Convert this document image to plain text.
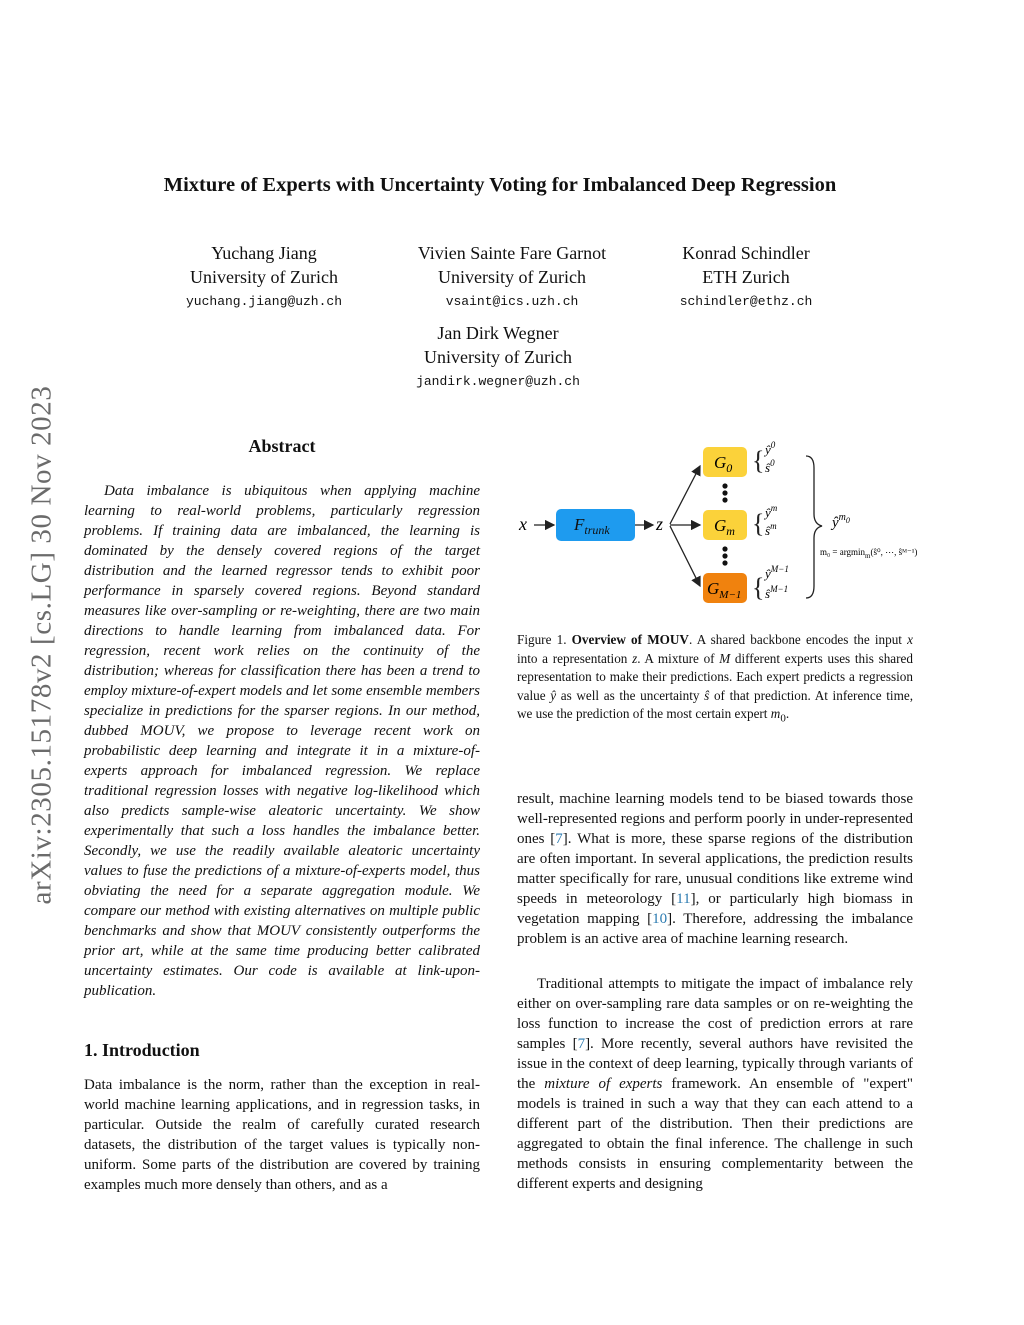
arXiv:2305.15178v2 [cs.LG] 30 Nov 2023
Mixture of Experts with Uncertainty Voting for Imbalanced Deep Regression
Yuchang Jiang
University of Zurich
yuchang.jiang@uzh.ch
Vivien Sainte Fare Garnot
University of Zurich
vsaint@ics.uzh.ch
Konrad Schindler
ETH Zurich
schindler@ethz.ch
Jan Dirk Wegner
University of Zurich
jandirk.wegner@uzh.ch
Abstract

Data imbalance is ubiquitous when applying machine learning to real-world problems, particularly regression problems. If training data are imbalanced, the learning is dominated by the densely covered regions of the target distribution and the learned regressor tends to exhibit poor performance in sparsely covered regions. Beyond standard measures like over-sampling or re-weighting, there are two main directions to handle learning from imbalanced data. For regression, recent work relies on the continuity of the distribution; whereas for classification there has been a trend to employ mixture-of-expert models and let some ensemble members specialize in predictions for the sparser regions. In our method, dubbed MOUV, we propose to leverage recent work on probabilistic deep learning and integrate it in a mixture-of-experts approach for imbalanced regression. We replace traditional regression losses with negative log-likelihood which also predicts sample-wise aleatoric uncertainty. We show experimentally that such a loss handles the imbalance better. Secondly, we use the readily available aleatoric uncertainty values to fuse the predictions of a mixture-of-experts model, thus obviating the need for a separate aggregation module. We compare our method with existing alternatives on multiple public benchmarks and show that MOUV consistently outperforms the prior art, while at the same time producing better calibrated uncertainty estimates. Our code is available at link-upon-publication.

1. Introduction

Data imbalance is the norm, rather than the exception in real-world machine learning applications, and in regression tasks, in particular. Outside the realm of carefully curated research datasets, the distribution of the target values is typically non-uniform. Some parts of the distribution are covered by training examples much more densely than others, and as a

x	$F_{trunk}$	z
$G_0$
$G_m$
$G_{M-1}$
{ $ŷ^0$
$ŝ^0$
{ $ŷ^m$
$ŝ^m$
{ $ŷ^{M-1}$
$ŝ^{M-1}$
$ŷ^m_0$
m₀ = argmin$_m$(ŝ⁰, ⋯, ŝᴹ⁻¹)

Figure 1. Overview of MOUV. A shared backbone encodes the input x into a representation z. A mixture of M different experts uses this shared representation to make their predictions. Each expert predicts a regression value ŷ as well as the uncertainty ŝ of that prediction. At inference time, we use the prediction of the most certain expert $m_0$.

result, machine learning models tend to be biased towards those well-represented regions and perform poorly in under-represented ones [7]. What is more, these sparse regions of the distribution are often important. In several applications, the prediction results matter specifically for rare, unusual conditions like extreme wind speeds in meteorology [11], or particularly high biomass in vegetation mapping [10]. Therefore, addressing the imbalance problem is an active area of machine learning research.

Traditional attempts to mitigate the impact of imbalance rely either on over-sampling rare data samples or on re-weighting the loss function to increase the cost of prediction errors at rare samples [7]. More recently, several authors have revisited the issue in the context of deep learning, typically through variants of the mixture of experts framework. An ensemble of "expert" models is trained in such a way that they can each attend to a different part of the distribution. Then their predictions are aggregated to obtain the final inference. The challenge in such methods consists in ensuring complementarity between the different experts and designing
